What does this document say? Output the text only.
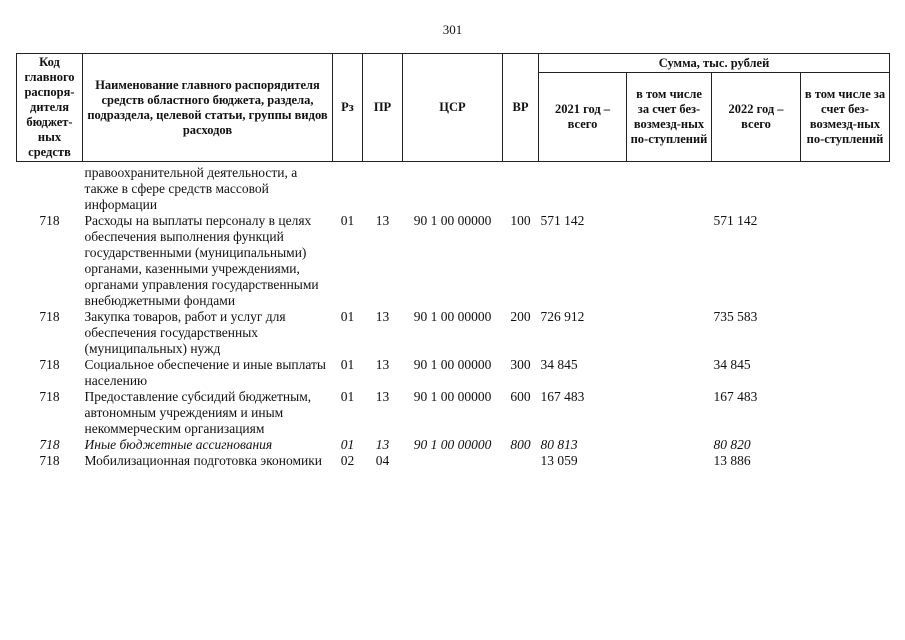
301
Код главного распоря-дителя бюджет-ных средств	Наименование главного распорядителя средств областного бюджета, раздела, подраздела, целевой статьи, группы видов расходов	Рз	ПР	ЦСР	ВР	Сумма, тыс. рублей			
						2021 год – всего	в том числе за счет без-возмезд-ных по-ступлений	2022 год – всего	в том числе за счет без-возмезд-ных по-ступлений
	правоохранительной деятельности, а также в сфере средств массовой информации								
718	Расходы на выплаты персоналу в целях обеспечения выполнения функций государственными (муниципальными) органами, казенными учреждениями, органами управления государственными внебюджетными фондами	01	13	90 1 00 00000	100	571 142		571 142	
718	Закупка товаров, работ и услуг для обеспечения государственных (муниципальных) нужд	01	13	90 1 00 00000	200	726 912		735 583	
718	Социальное обеспечение и иные выплаты населению	01	13	90 1 00 00000	300	34 845		34 845	
718	Предоставление субсидий бюджетным, автономным учреждениям и иным некоммерческим организациям	01	13	90 1 00 00000	600	167 483		167 483	
718	Иные бюджетные ассигнования	01	13	90 1 00 00000	800	80 813		80 820	
718	Мобилизационная подготовка экономики	02	04			13 059		13 886	
